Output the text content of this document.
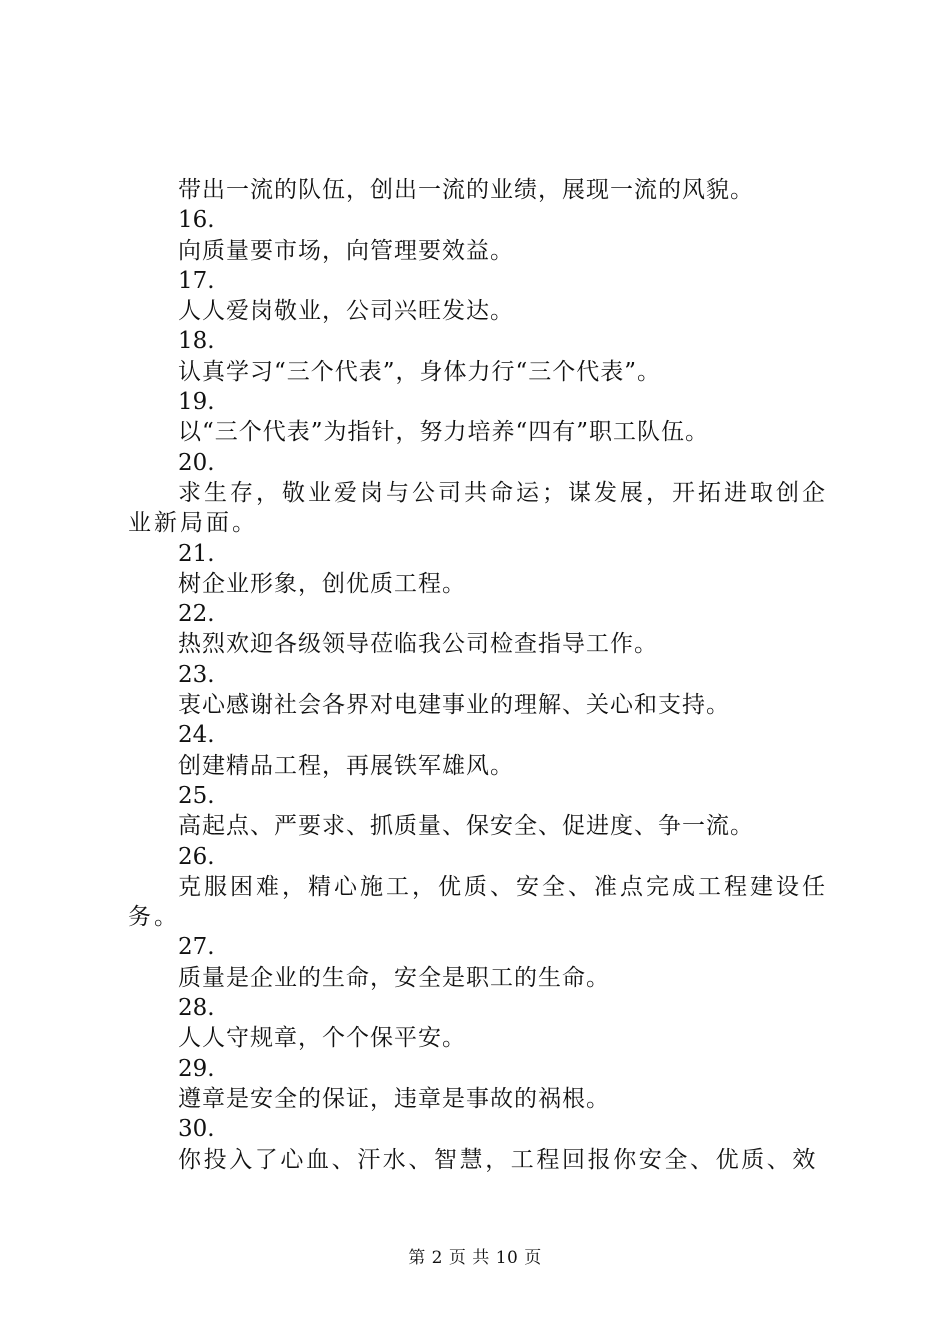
带出一流的队伍，创出一流的业绩，展现一流的风貌。
16.
向质量要市场，向管理要效益。
17.
人人爱岗敬业，公司兴旺发达。
18.
认真学习“三个代表”，身体力行“三个代表”。
19.
以“三个代表”为指针，努力培养“四有”职工队伍。
20.
求生存，敬业爱岗与公司共命运；谋发展，开拓进取创企业新局面。
21.
树企业形象，创优质工程。
22.
热烈欢迎各级领导莅临我公司检查指导工作。
23.
衷心感谢社会各界对电建事业的理解、关心和支持。
24.
创建精品工程，再展铁军雄风。
25.
高起点、严要求、抓质量、保安全、促进度、争一流。
26.
克服困难，精心施工，优质、安全、准点完成工程建设任务。
27.
质量是企业的生命，安全是职工的生命。
28.
人人守规章，个个保平安。
29.
遵章是安全的保证，违章是事故的祸根。
30.
你投入了心血、汗水、智慧，工程回报你安全、优质、效
第 2 页 共 10 页
